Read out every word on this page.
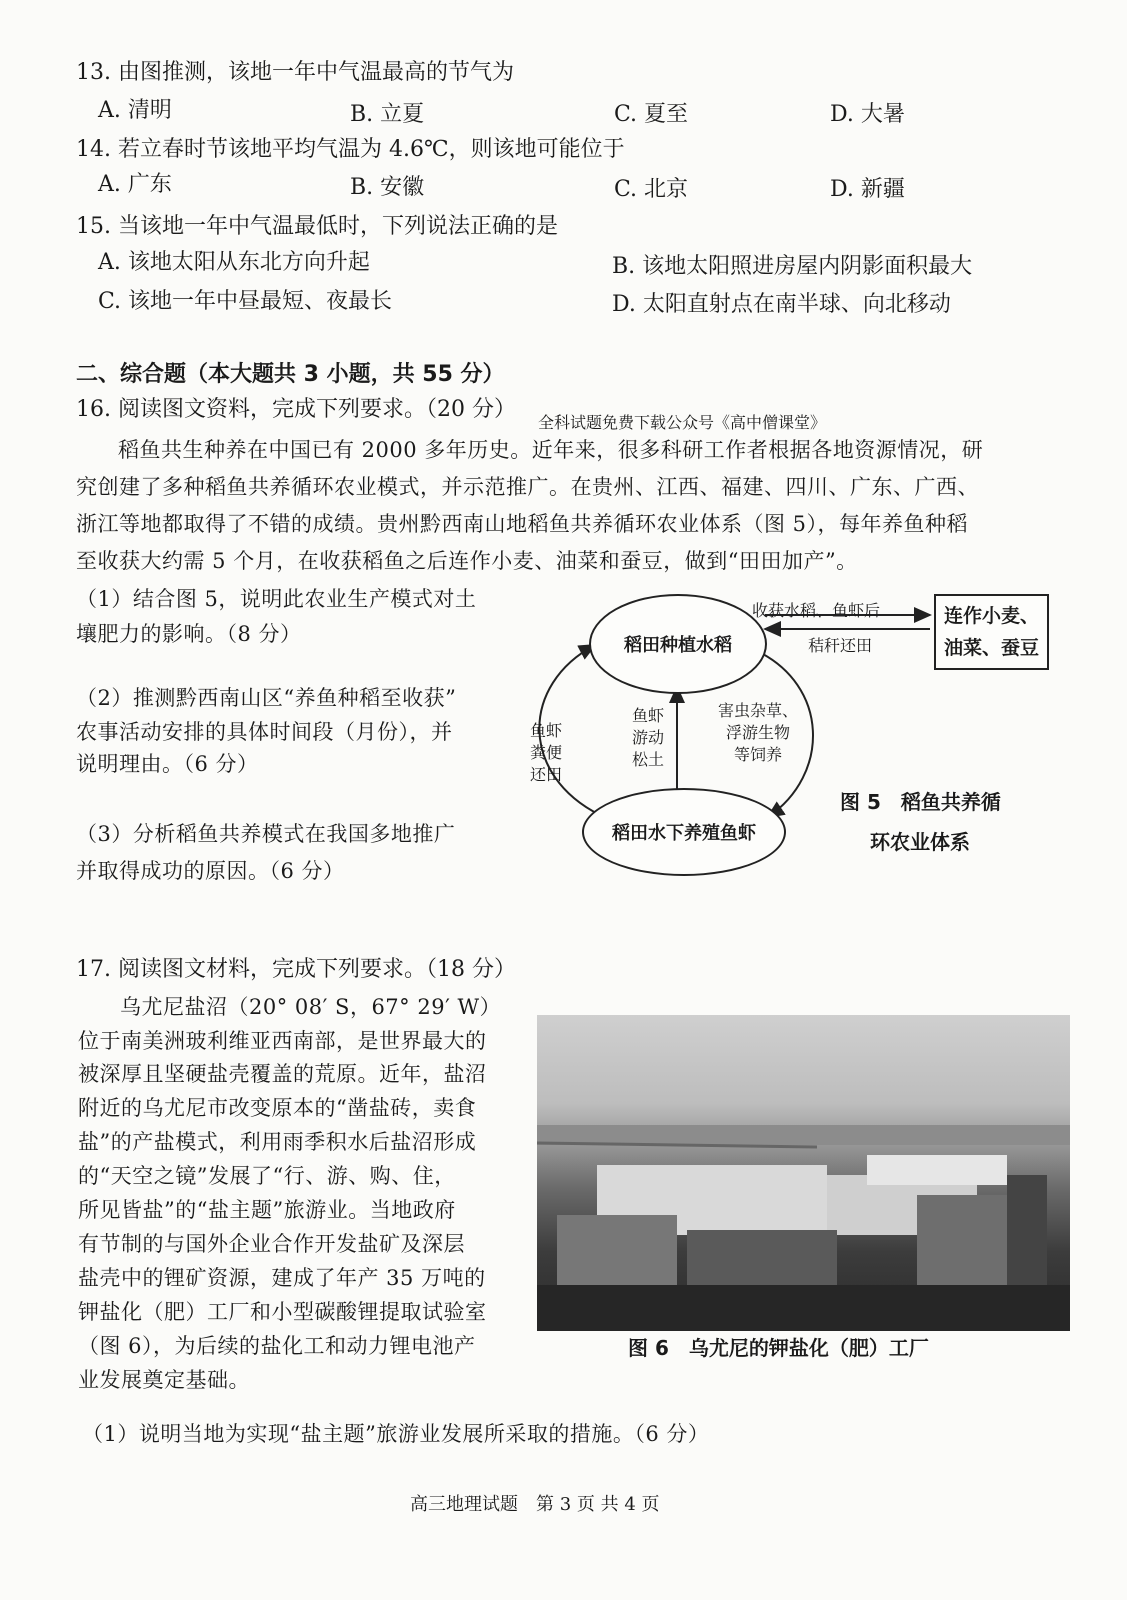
13. 由图推测，该地一年中气温最高的节气为
A. 清明	B. 立夏	C. 夏至	D. 大暑
14. 若立春时节该地平均气温为 4.6℃，则该地可能位于
A. 广东	B. 安徽	C. 北京	D. 新疆
15. 当该地一年中气温最低时，下列说法正确的是
A. 该地太阳从东北方向升起	B. 该地太阳照进房屋内阴影面积最大
C. 该地一年中昼最短、夜最长	D. 太阳直射点在南半球、向北移动
二、综合题（本大题共 3 小题，共 55 分）
16. 阅读图文资料，完成下列要求。（20 分）
全科试题免费下载公众号《高中僧课堂》
稻鱼共生种养在中国已有 2000 多年历史。近年来，很多科研工作者根据各地资源情况，研
究创建了多种稻鱼共养循环农业模式，并示范推广。在贵州、江西、福建、四川、广东、广西、
浙江等地都取得了不错的成绩。贵州黔西南山地稻鱼共养循环农业体系（图 5），每年养鱼种稻
至收获大约需 5 个月，在收获稻鱼之后连作小麦、油菜和蚕豆，做到“田田加产”。
（1）结合图 5，说明此农业生产模式对土
壤肥力的影响。（8 分）
（2）推测黔西南山区“养鱼种稻至收获”
农事活动安排的具体时间段（月份），并
说明理由。（6 分）
（3）分析稻鱼共养模式在我国多地推广
并取得成功的原因。（6 分）
稻田种植水稻
稻田水下养殖鱼虾
连作小麦、
油菜、蚕豆
收获水稻、鱼虾后
秸秆还田
鱼虾
粪便
还田
鱼虾
游动
松土
害虫杂草、
浮游生物
等饲养
图 5　稻鱼共养循
环农业体系
17. 阅读图文材料，完成下列要求。（18 分）
乌尤尼盐沼（20° 08′ S，67° 29′ W）
位于南美洲玻利维亚西南部，是世界最大的
被深厚且坚硬盐壳覆盖的荒原。近年，盐沼
附近的乌尤尼市改变原本的“凿盐砖，卖食
盐”的产盐模式，利用雨季积水后盐沼形成
的“天空之镜”发展了“行、游、购、住，
所见皆盐”的“盐主题”旅游业。当地政府
有节制的与国外企业合作开发盐矿及深层
盐壳中的锂矿资源，建成了年产 35 万吨的
钾盐化（肥）工厂和小型碳酸锂提取试验室
（图 6），为后续的盐化工和动力锂电池产
业发展奠定基础。
图 6　乌尤尼的钾盐化（肥）工厂
（1）说明当地为实现“盐主题”旅游业发展所采取的措施。（6 分）
高三地理试题　第 3 页 共 4 页
